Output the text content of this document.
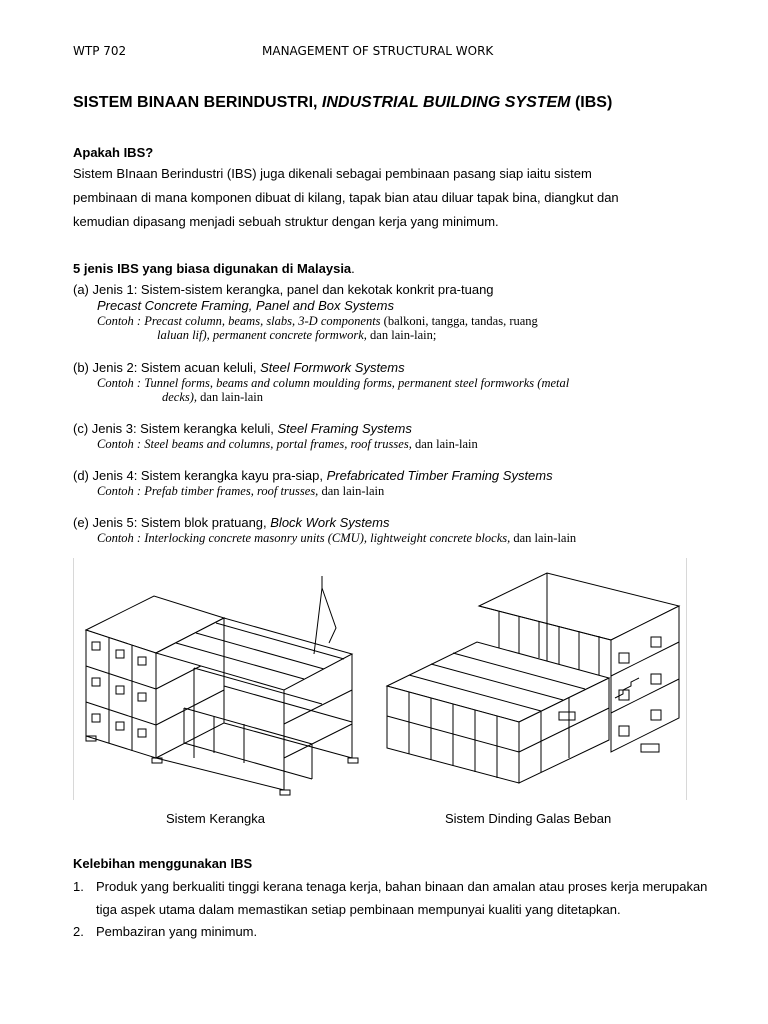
WTP 702	MANAGEMENT OF STRUCTURAL WORK
SISTEM BINAAN BERINDUSTRI, INDUSTRIAL BUILDING SYSTEM (IBS)
Apakah IBS?
Sistem BInaan Berindustri (IBS) juga dikenali sebagai pembinaan pasang siap iaitu sistem
pembinaan di mana komponen dibuat di kilang, tapak bian atau diluar tapak bina, diangkut dan
kemudian dipasang menjadi sebuah struktur dengan kerja yang minimum.
5 jenis IBS yang biasa digunakan di Malaysia.
(a) Jenis 1: Sistem-sistem kerangka, panel dan kekotak konkrit pra-tuang
Precast Concrete Framing, Panel and Box Systems
Contoh : Precast column, beams, slabs, 3-D components (balkoni, tangga, tandas, ruang
laluan lif), permanent concrete formwork, dan lain-lain;
(b) Jenis 2: Sistem acuan keluli, Steel Formwork Systems
Contoh : Tunnel forms, beams and column moulding forms, permanent steel formworks (metal
decks), dan lain-lain
(c) Jenis 3: Sistem kerangka keluli, Steel Framing Systems
Contoh : Steel beams and columns, portal frames, roof trusses, dan lain-lain
(d) Jenis 4: Sistem kerangka kayu pra-siap, Prefabricated Timber Framing Systems
Contoh : Prefab timber frames, roof trusses, dan lain-lain
(e) Jenis 5: Sistem blok pratuang, Block Work Systems
Contoh : Interlocking concrete masonry units (CMU), lightweight concrete blocks, dan lain-lain
Sistem Kerangka	Sistem Dinding Galas Beban
Kelebihan menggunakan IBS
1. Produk yang berkualiti tinggi kerana tenaga kerja, bahan binaan dan amalan atau proses kerja merupakan tiga aspek utama dalam memastikan setiap pembinaan mempunyai kualiti yang ditetapkan.
2. Pembaziran yang minimum.
